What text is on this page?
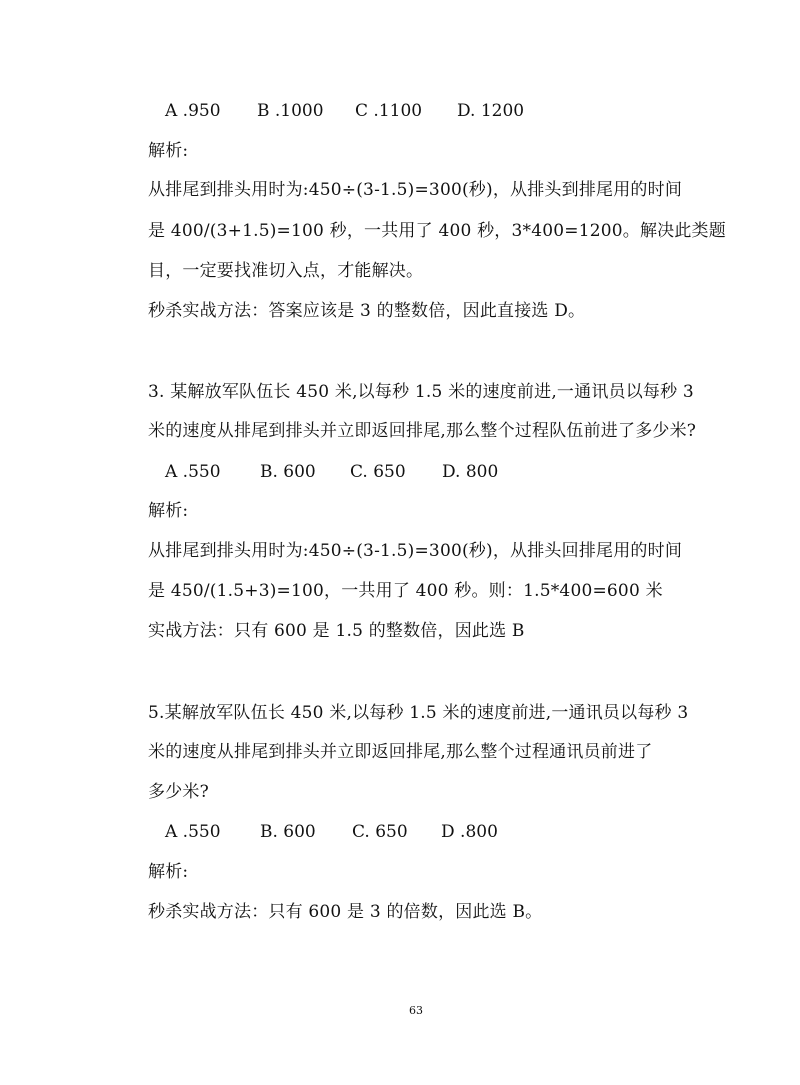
A .950 B .1000 C .1100 D. 1200
解析:
从排尾到排头用时为:450÷(3-1.5)=300(秒)，从排头到排尾用的时间
是 400/(3+1.5)=100 秒，一共用了 400 秒，3*400=1200。解决此类题
目，一定要找准切入点，才能解决。
秒杀实战方法：答案应该是 3 的整数倍，因此直接选 D。
3. 某解放军队伍长 450 米,以每秒 1.5 米的速度前进,一通讯员以每秒 3
米的速度从排尾到排头并立即返回排尾,那么整个过程队伍前进了多少米?
A .550 B. 600 C. 650 D. 800
解析:
从排尾到排头用时为:450÷(3-1.5)=300(秒)，从排头回排尾用的时间
是 450/(1.5+3)=100，一共用了 400 秒。则：1.5*400=600 米
实战方法：只有 600 是 1.5 的整数倍，因此选 B
5.某解放军队伍长 450 米,以每秒 1.5 米的速度前进,一通讯员以每秒 3
米的速度从排尾到排头并立即返回排尾,那么整个过程通讯员前进了
多少米?
A .550 B. 600 C. 650 D .800
解析:
秒杀实战方法：只有 600 是 3 的倍数，因此选 B。
63
